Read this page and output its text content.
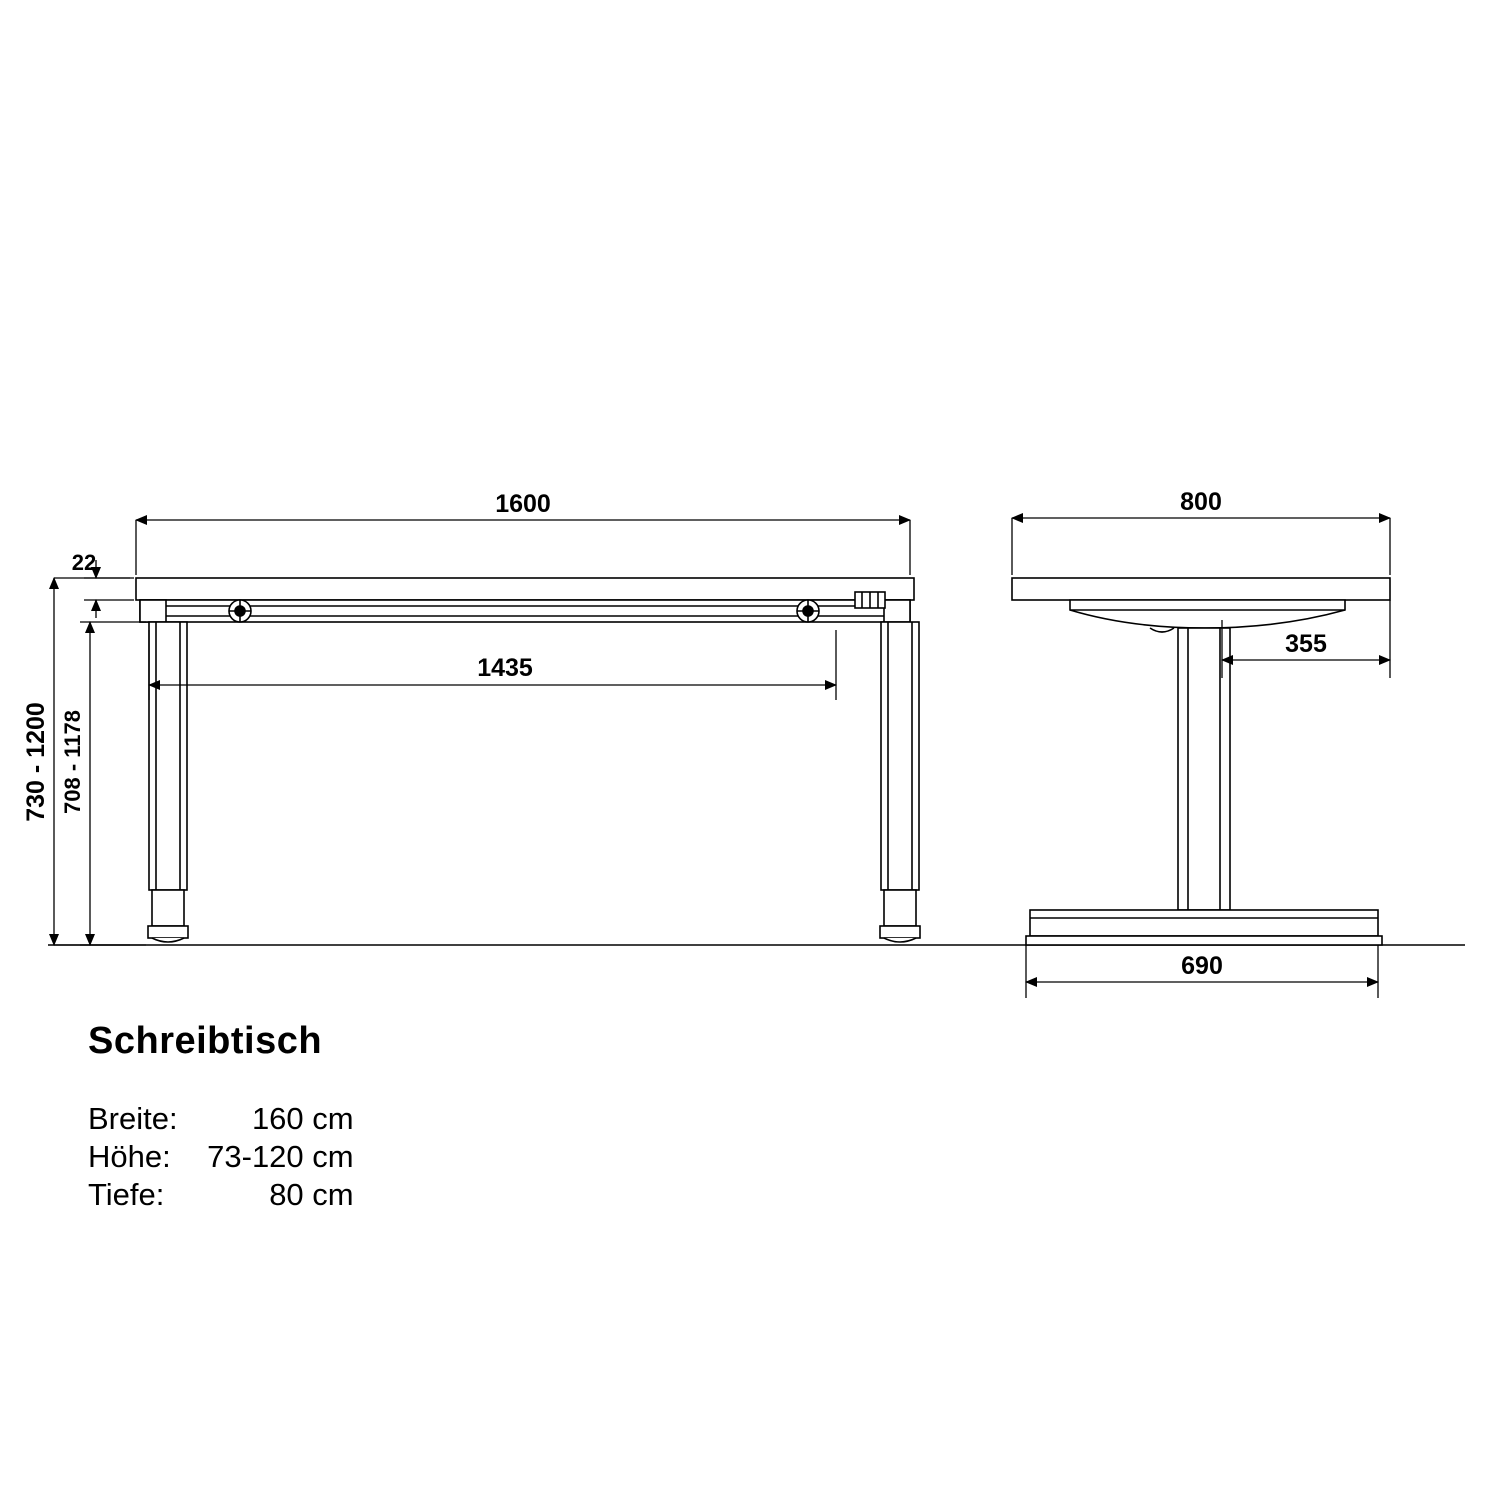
1600
22
730 - 1200 708 - 1178
1435
800
355
690
Schreibtisch
Breite:	160 cm
Höhe:	73-120 cm
Tiefe:	80 cm
